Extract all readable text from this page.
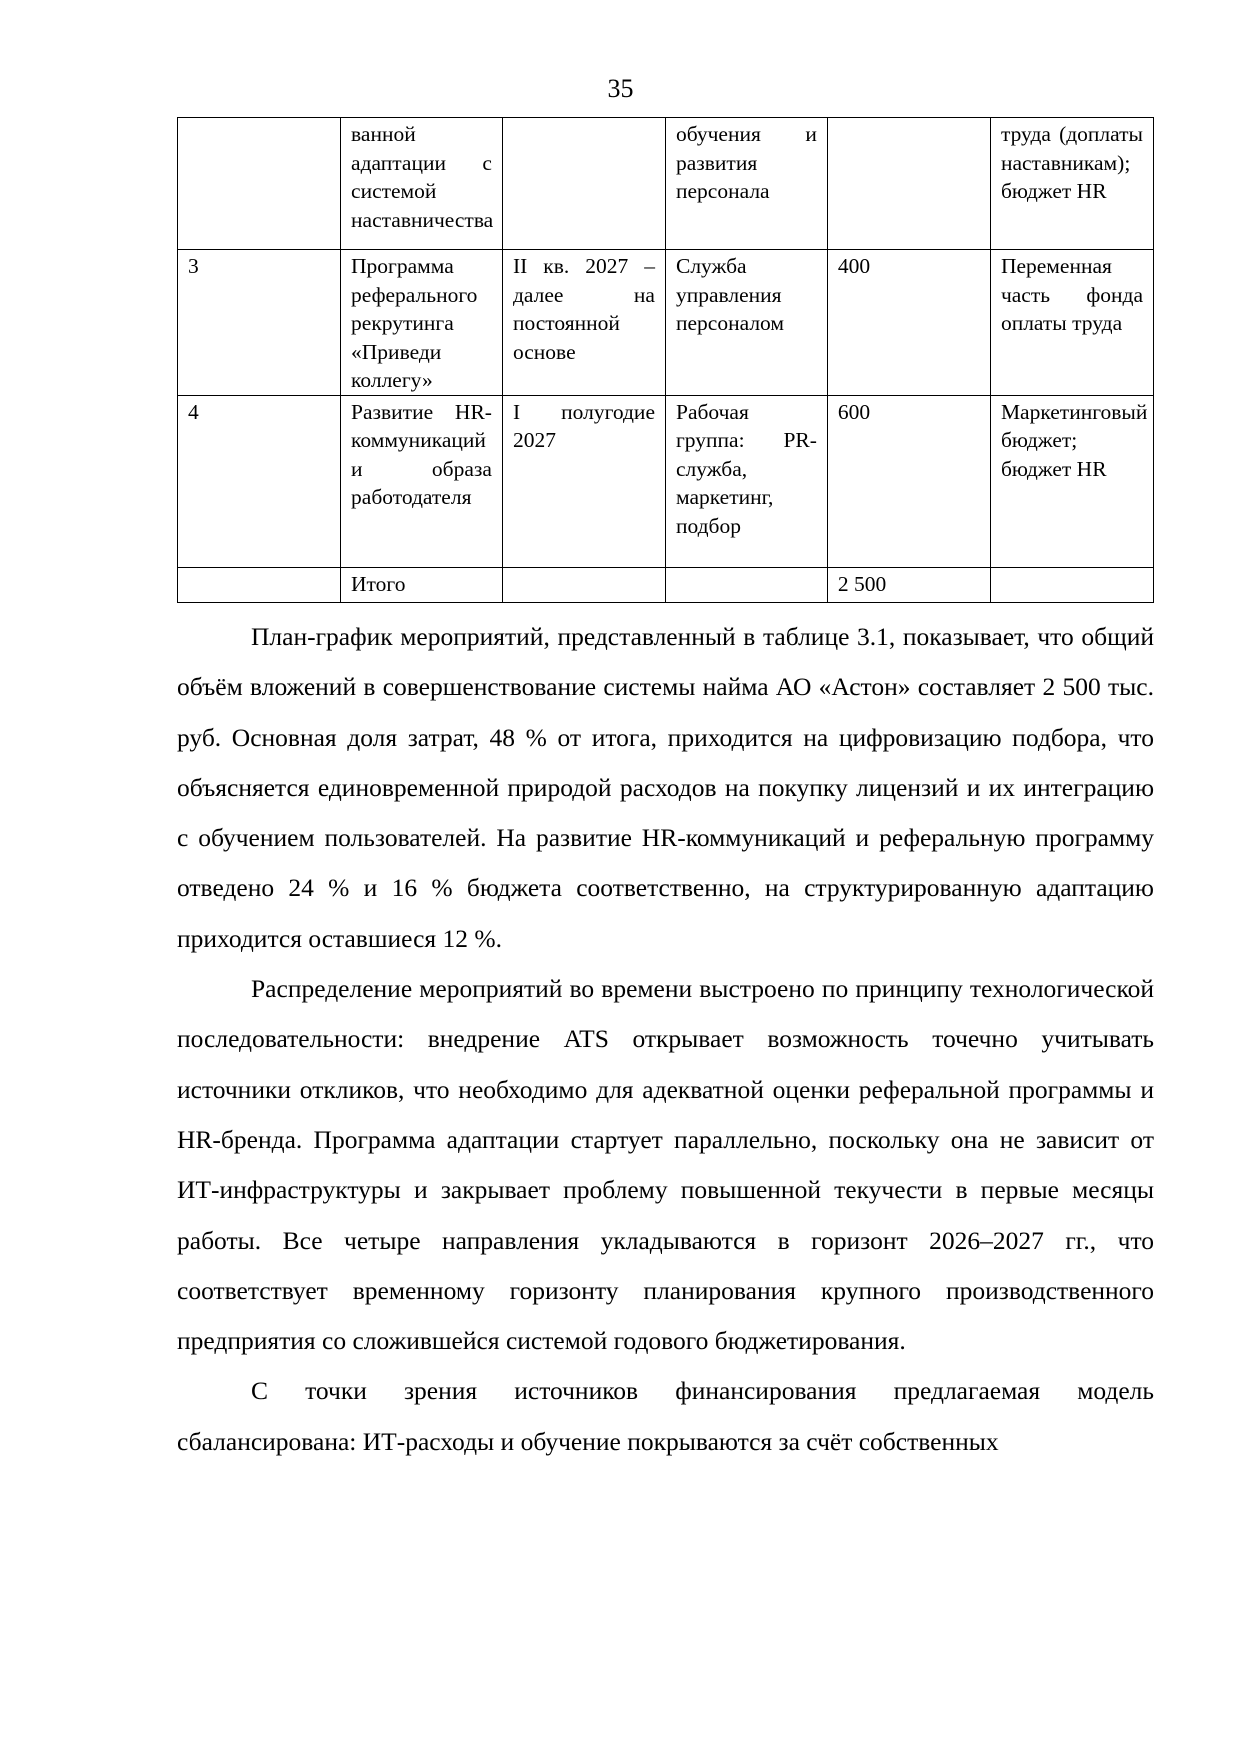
35
	ванной адаптации с системой наставничества		обучения и развития персонала		труда (доплаты наставникам); бюджет HR
3	Программа реферального рекрутинга «Приведи коллегу»	II кв. 2027 – далее на постоянной основе	Служба управления персоналом	400	Переменная часть фонда оплаты труда
4	Развитие HR-коммуникаций и образа работодателя	I полугодие 2027	Рабочая группа: PR-служба, маркетинг, подбор	600	Маркетинговый бюджет; бюджет HR
	Итого			2 500	

План-график мероприятий, представленный в таблице 3.1, показывает, что общий объём вложений в совершенствование системы найма АО «Астон» составляет 2 500 тыс. руб. Основная доля затрат, 48 % от итога, приходится на цифровизацию подбора, что объясняется единовременной природой расходов на покупку лицензий и их интеграцию с обучением пользователей. На развитие HR-коммуникаций и реферальную программу отведено 24 % и 16 % бюджета соответственно, на структурированную адаптацию приходится оставшиеся 12 %.

Распределение мероприятий во времени выстроено по принципу технологической последовательности: внедрение ATS открывает возможность точечно учитывать источники откликов, что необходимо для адекватной оценки реферальной программы и HR-бренда. Программа адаптации стартует параллельно, поскольку она не зависит от ИТ-инфраструктуры и закрывает проблему повышенной текучести в первые месяцы работы. Все четыре направления укладываются в горизонт 2026–2027 гг., что соответствует временному горизонту планирования крупного производственного предприятия со сложившейся системой годового бюджетирования.

С точки зрения источников финансирования предлагаемая модель сбалансирована: ИТ-расходы и обучение покрываются за счёт собственных
